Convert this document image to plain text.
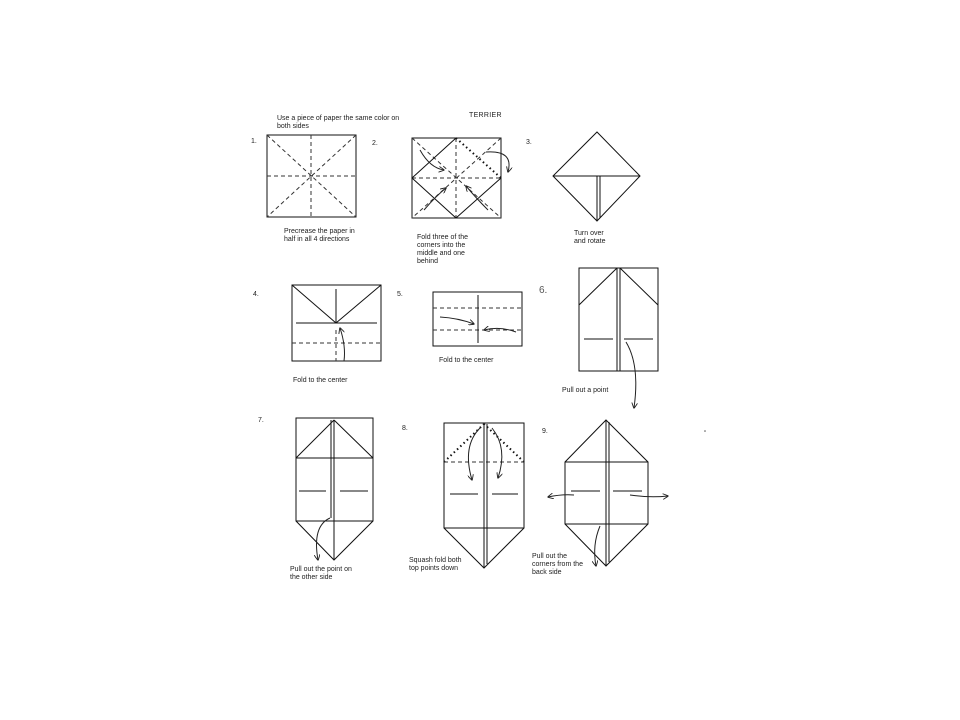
TERRIER
Use a piece of paper the same color on
both sides
1.	2.	3.
4.	5.	6.
7.
8.	9.
Precrease the paper in
half in all 4 directions	Fold three of the
corners into the
middle and one
behind
Turn over
and rotate
Fold to the center
Fold to the center
Pull out a point
Pull out the point on
the other side
Squash fold both
top points down
Pull out the
corners from the
back side
